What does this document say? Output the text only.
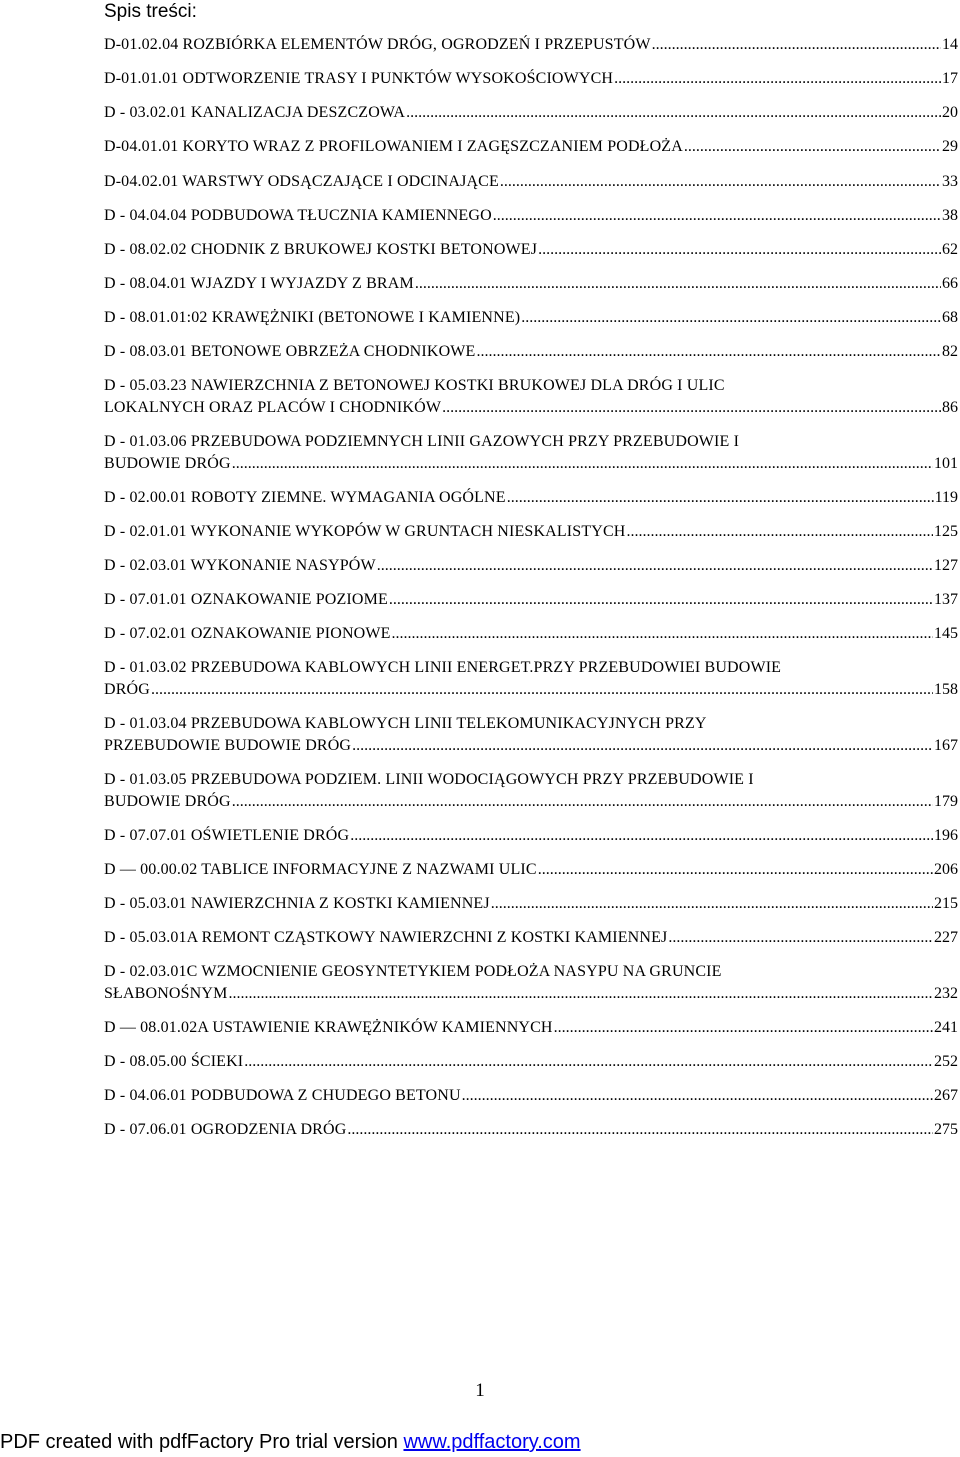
Spis treści:
D-01.02.04 ROZBIÓRKA ELEMENTÓW DRÓG, OGRODZEŃ I PRZEPUSTÓW .....	14
D-01.01.01 ODTWORZENIE TRASY I PUNKTÓW WYSOKOŚCIOWYCH .....	17
D - 03.02.01 KANALIZACJA DESZCZOWA .....	20
D-04.01.01 KORYTO WRAZ Z PROFILOWANIEM I ZAGĘSZCZANIEM PODŁOŻA .....	29
D-04.02.01 WARSTWY ODSĄCZAJĄCE I ODCINAJĄCE .....	33
D - 04.04.04 PODBUDOWA TŁUCZNIA KAMIENNEGO .....	38
D - 08.02.02 CHODNIK Z BRUKOWEJ KOSTKI BETONOWEJ .....	62
D - 08.04.01 WJAZDY I WYJAZDY Z BRAM .....	66
D - 08.01.01:02 KRAWĘŻNIKI (BETONOWE I KAMIENNE) .....	68
D - 08.03.01 BETONOWE OBRZEŻA CHODNIKOWE .....	82
D - 05.03.23 NAWIERZCHNIA Z BETONOWEJ KOSTKI BRUKOWEJ DLA DRÓG I ULIC
LOKALNYCH ORAZ PLACÓW I CHODNIKÓW .....	86
D - 01.03.06 PRZEBUDOWA PODZIEMNYCH LINII GAZOWYCH PRZY PRZEBUDOWIE I
BUDOWIE DRÓG .....	101
D - 02.00.01 ROBOTY ZIEMNE. WYMAGANIA OGÓLNE .....	119
D - 02.01.01 WYKONANIE WYKOPÓW W GRUNTACH NIESKALISTYCH .....	125
D - 02.03.01 WYKONANIE NASYPÓW .....	127
D - 07.01.01 OZNAKOWANIE POZIOME .....	137
D - 07.02.01 OZNAKOWANIE PIONOWE .....	145
D - 01.03.02 PRZEBUDOWA KABLOWYCH LINII ENERGET.PRZY PRZEBUDOWIEI BUDOWIE
DRÓG .....	158
D - 01.03.04 PRZEBUDOWA KABLOWYCH LINII TELEKOMUNIKACYJNYCH PRZY
PRZEBUDOWIE BUDOWIE DRÓG .....	167
D - 01.03.05 PRZEBUDOWA PODZIEM. LINII WODOCIĄGOWYCH PRZY PRZEBUDOWIE I
BUDOWIE DRÓG .....	179
D - 07.07.01 OŚWIETLENIE DRÓG .....	196
D — 00.00.02 TABLICE INFORMACYJNE Z NAZWAMI ULIC .....	206
D - 05.03.01 NAWIERZCHNIA Z KOSTKI KAMIENNEJ .....	215
D - 05.03.01A REMONT CZĄSTKOWY NAWIERZCHNI Z KOSTKI KAMIENNEJ .....	227
D - 02.03.01C WZMOCNIENIE GEOSYNTETYKIEM PODŁOŻA NASYPU NA GRUNCIE
SŁABONOŚNYM .....	232
D — 08.01.02A USTAWIENIE KRAWĘŻNIKÓW KAMIENNYCH .....	241
D - 08.05.00 ŚCIEKI .....	252
D - 04.06.01 PODBUDOWA Z CHUDEGO BETONU .....	267
D - 07.06.01 OGRODZENIA DRÓG .....	275
1
PDF created with pdfFactory Pro trial version www.pdffactory.com
